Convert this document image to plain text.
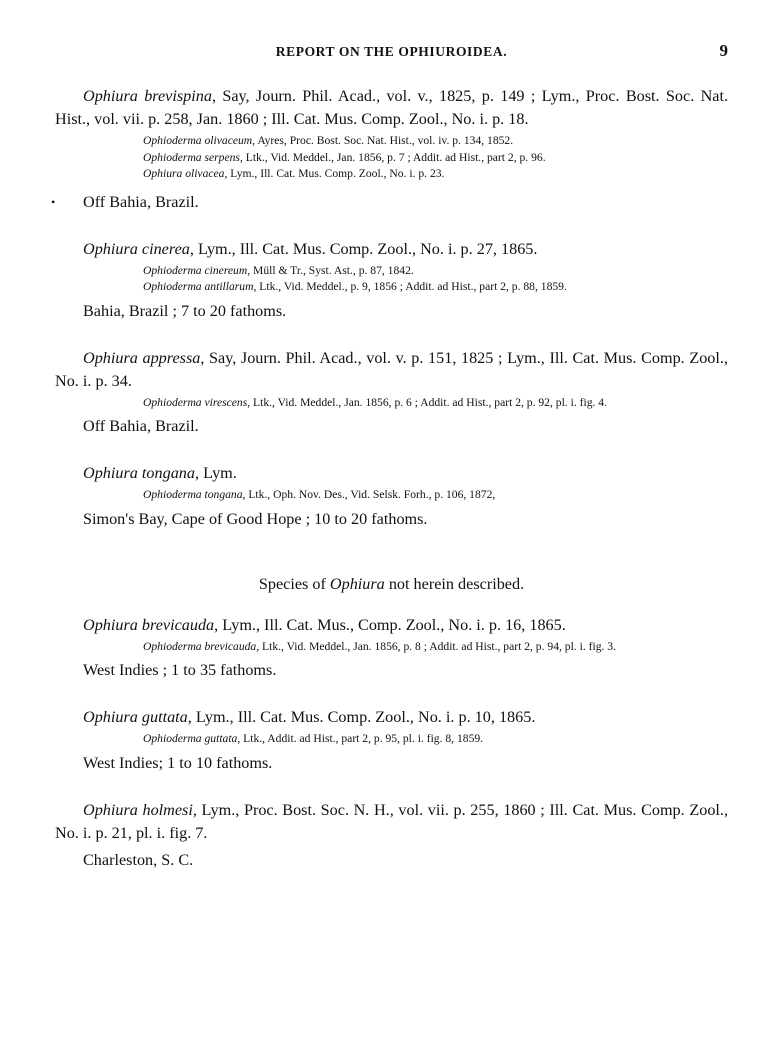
REPORT ON THE OPHIUROIDEA.	9

Ophiura brevispina, Say, Journ. Phil. Acad., vol. v., 1825, p. 149 ; Lym., Proc. Bost. Soc. Nat. Hist., vol. vii. p. 258, Jan. 1860 ; Ill. Cat. Mus. Comp. Zool., No. i. p. 18.

Ophioderma olivaceum, Ayres, Proc. Bost. Soc. Nat. Hist., vol. iv. p. 134, 1852.

Ophioderma serpens, Ltk., Vid. Meddel., Jan. 1856, p. 7 ; Addit. ad Hist., part 2, p. 96.

Ophiura olivacea, Lym., Ill. Cat. Mus. Comp. Zool., No. i. p. 23.

• Off Bahia, Brazil.

Ophiura cinerea, Lym., Ill. Cat. Mus. Comp. Zool., No. i. p. 27, 1865.

Ophioderma cinereum, Müll & Tr., Syst. Ast., p. 87, 1842.

Ophioderma antillarum, Ltk., Vid. Meddel., p. 9, 1856 ; Addit. ad Hist., part 2, p. 88, 1859.

Bahia, Brazil ; 7 to 20 fathoms.

Ophiura appressa, Say, Journ. Phil. Acad., vol. v. p. 151, 1825 ; Lym., Ill. Cat. Mus. Comp. Zool., No. i. p. 34.

Ophioderma virescens, Ltk., Vid. Meddel., Jan. 1856, p. 6 ; Addit. ad Hist., part 2, p. 92, pl. i. fig. 4.

Off Bahia, Brazil.

Ophiura tongana, Lym.

Ophioderma tongana, Ltk., Oph. Nov. Des., Vid. Selsk. Forh., p. 106, 1872,

Simon's Bay, Cape of Good Hope ; 10 to 20 fathoms.

Species of Ophiura not herein described.

Ophiura brevicauda, Lym., Ill. Cat. Mus., Comp. Zool., No. i. p. 16, 1865.

Ophioderma brevicauda, Ltk., Vid. Meddel., Jan. 1856, p. 8 ; Addit. ad Hist., part 2, p. 94, pl. i. fig. 3.

West Indies ; 1 to 35 fathoms.

Ophiura guttata, Lym., Ill. Cat. Mus. Comp. Zool., No. i. p. 10, 1865.

Ophioderma guttata, Ltk., Addit. ad Hist., part 2, p. 95, pl. i. fig. 8, 1859.

West Indies; 1 to 10 fathoms.

Ophiura holmesi, Lym., Proc. Bost. Soc. N. H., vol. vii. p. 255, 1860 ; Ill. Cat. Mus. Comp. Zool., No. i. p. 21, pl. i. fig. 7.

Charleston, S. C.
